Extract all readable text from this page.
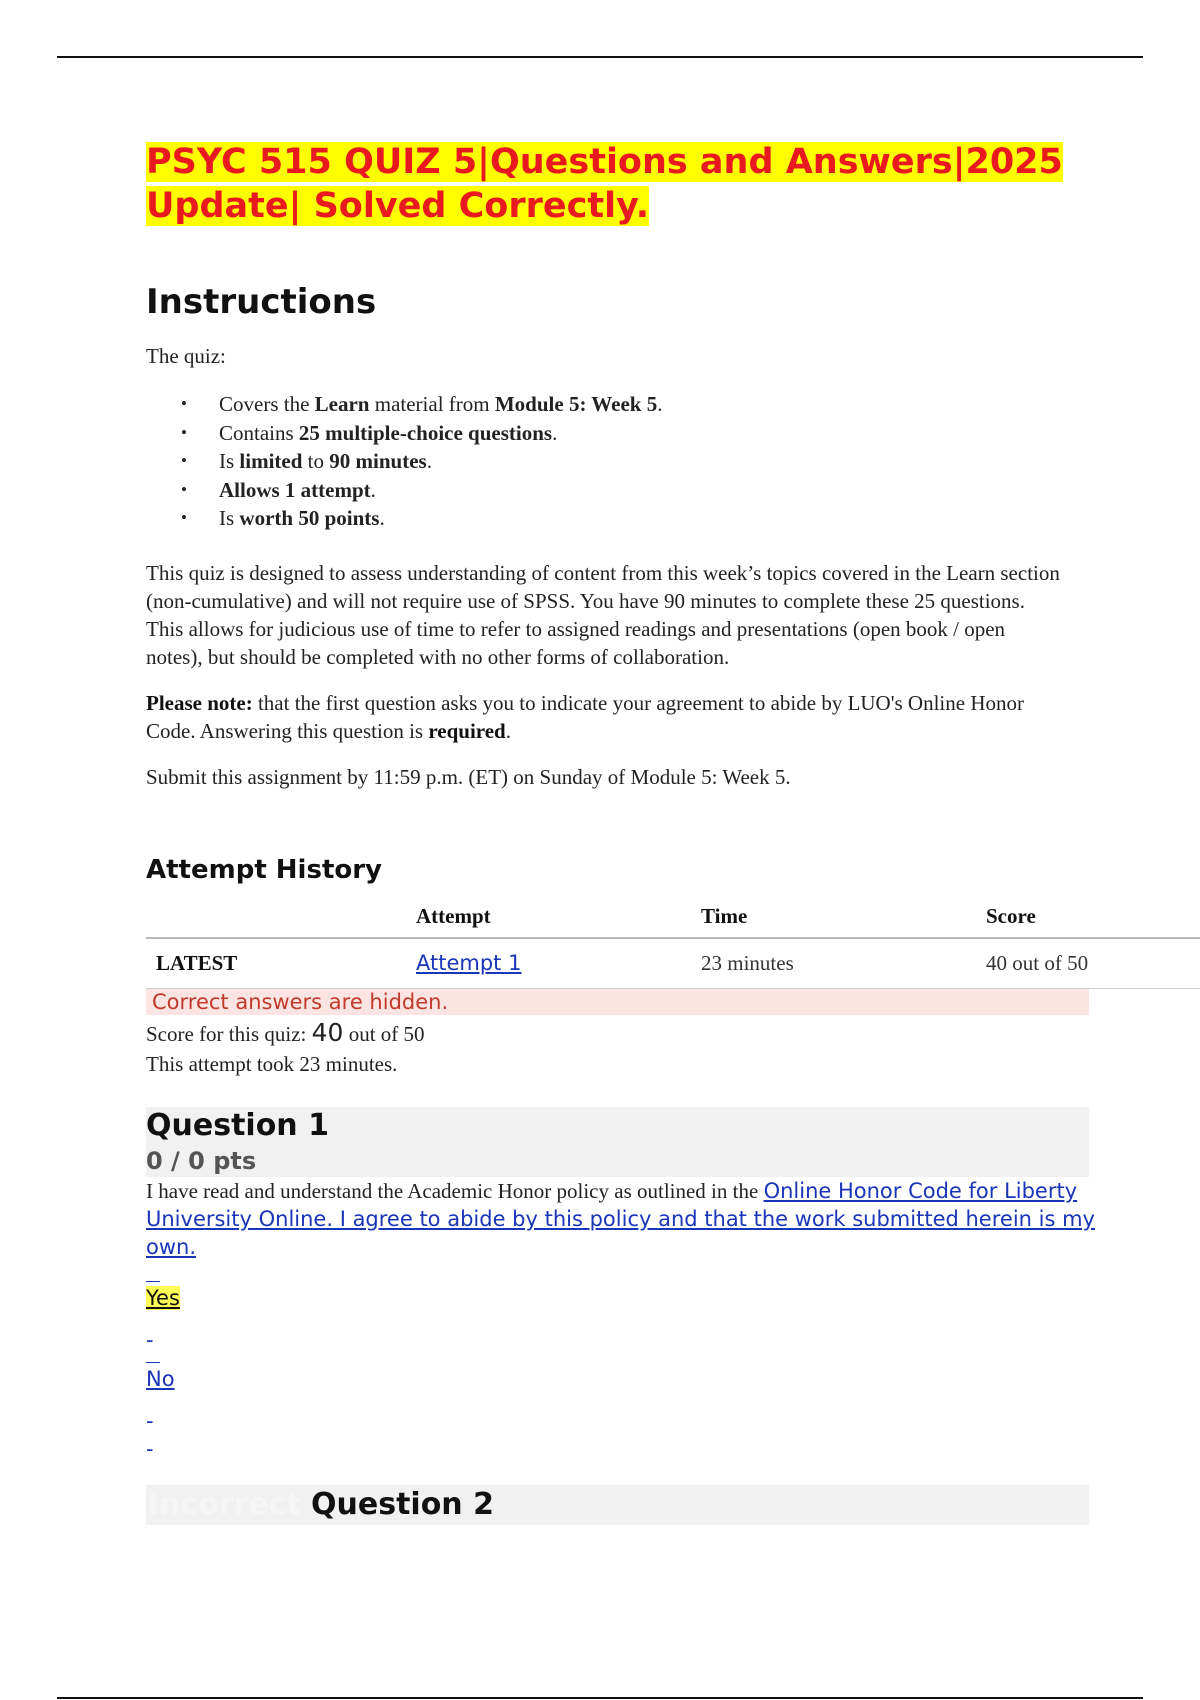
PSYC 515 QUIZ 5|Questions and Answers|2025
Update| Solved Correctly.
Instructions

The quiz:

• Covers the Learn material from Module 5: Week 5.
• Contains 25 multiple-choice questions.
• Is limited to 90 minutes.
• Allows 1 attempt.
• Is worth 50 points.

This quiz is designed to assess understanding of content from this week’s topics covered in the Learn section (non-cumulative) and will not require use of SPSS. You have 90 minutes to complete these 25 questions. This allows for judicious use of time to refer to assigned readings and presentations (open book / open notes), but should be completed with no other forms of collaboration.

Please note: that the first question asks you to indicate your agreement to abide by LUO's Online Honor Code. Answering this question is required.

Submit this assignment by 11:59 p.m. (ET) on Sunday of Module 5: Week 5.

Attempt History
	Attempt	Time	Score
LATEST	Attempt 1	23 minutes	40 out of 50
Correct answers are hidden.
Score for this quiz: 40 out of 50
This attempt took 23 minutes.
Question 1
0 / 0 pts
I have read and understand the Academic Honor policy as outlined in the Online Honor Code for Liberty University Online. I agree to abide by this policy and that the work submitted herein is my own.
Yes
-
No
-
-
Incorrect Question 2
